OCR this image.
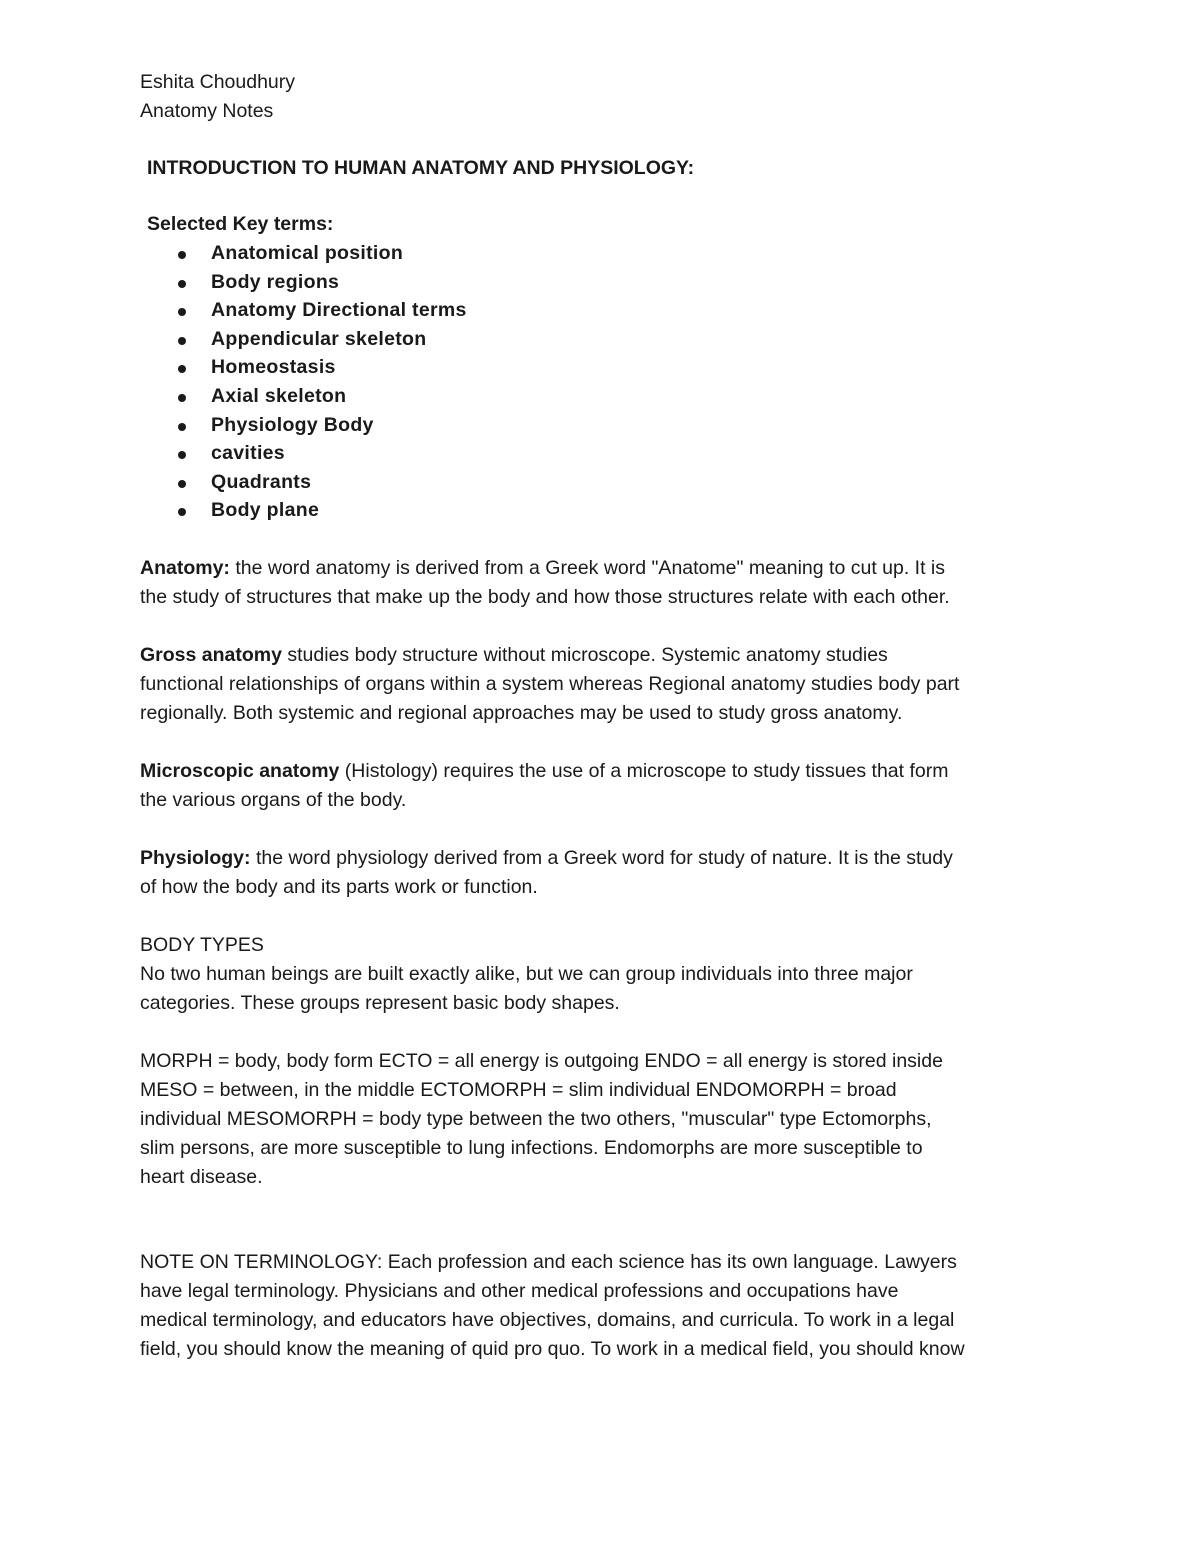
Eshita Choudhury

Anatomy Notes

INTRODUCTION TO HUMAN ANATOMY AND PHYSIOLOGY:

Selected Key terms:

Anatomical position
Body regions
Anatomy Directional terms
Appendicular skeleton
Homeostasis
Axial skeleton
Physiology Body
cavities
Quadrants
Body plane

Anatomy: the word anatomy is derived from a Greek word "Anatome" meaning to cut up. It is

the study of structures that make up the body and how those structures relate with each other.

Gross anatomy studies body structure without microscope. Systemic anatomy studies

functional relationships of organs within a system whereas Regional anatomy studies body part

regionally. Both systemic and regional approaches may be used to study gross anatomy.

Microscopic anatomy (Histology) requires the use of a microscope to study tissues that form

the various organs of the body.

Physiology: the word physiology derived from a Greek word for study of nature. It is the study

of how the body and its parts work or function.

BODY TYPES

No two human beings are built exactly alike, but we can group individuals into three major

categories. These groups represent basic body shapes.

MORPH = body, body form ECTO = all energy is outgoing ENDO = all energy is stored inside

MESO = between, in the middle ECTOMORPH = slim individual ENDOMORPH = broad

individual MESOMORPH = body type between the two others, "muscular" type Ectomorphs,

slim persons, are more susceptible to lung infections. Endomorphs are more susceptible to

heart disease.

NOTE ON TERMINOLOGY: Each profession and each science has its own language. Lawyers

have legal terminology. Physicians and other medical professions and occupations have

medical terminology, and educators have objectives, domains, and curricula. To work in a legal

field, you should know the meaning of quid pro quo. To work in a medical field, you should know
